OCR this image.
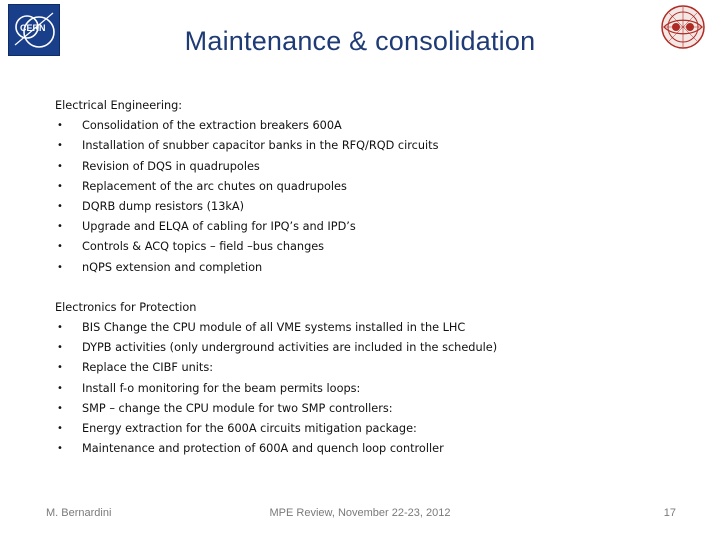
CERN	Maintenance & consolidation

Electrical Engineering:

• Consolidation of the extraction breakers 600A
• Installation of snubber capacitor banks in the RFQ/RQD circuits
• Revision of DQS in quadrupoles
• Replacement of the arc chutes on quadrupoles
• DQRB dump resistors (13kA)
• Upgrade and ELQA of cabling for IPQ’s and IPD’s
• Controls & ACQ topics – field –bus changes
• nQPS extension and completion

Electronics for Protection

• BIS Change the CPU module of all VME systems installed in the LHC
• DYPB activities (only underground activities are included in the schedule)
• Replace the CIBF units:
• Install f-o monitoring for the beam permits loops:
• SMP – change the CPU module for two SMP controllers:
• Energy extraction for the 600A circuits mitigation package:
• Maintenance and protection of 600A and quench loop controller
M. Bernardini	MPE Review, November 22-23, 2012	17
